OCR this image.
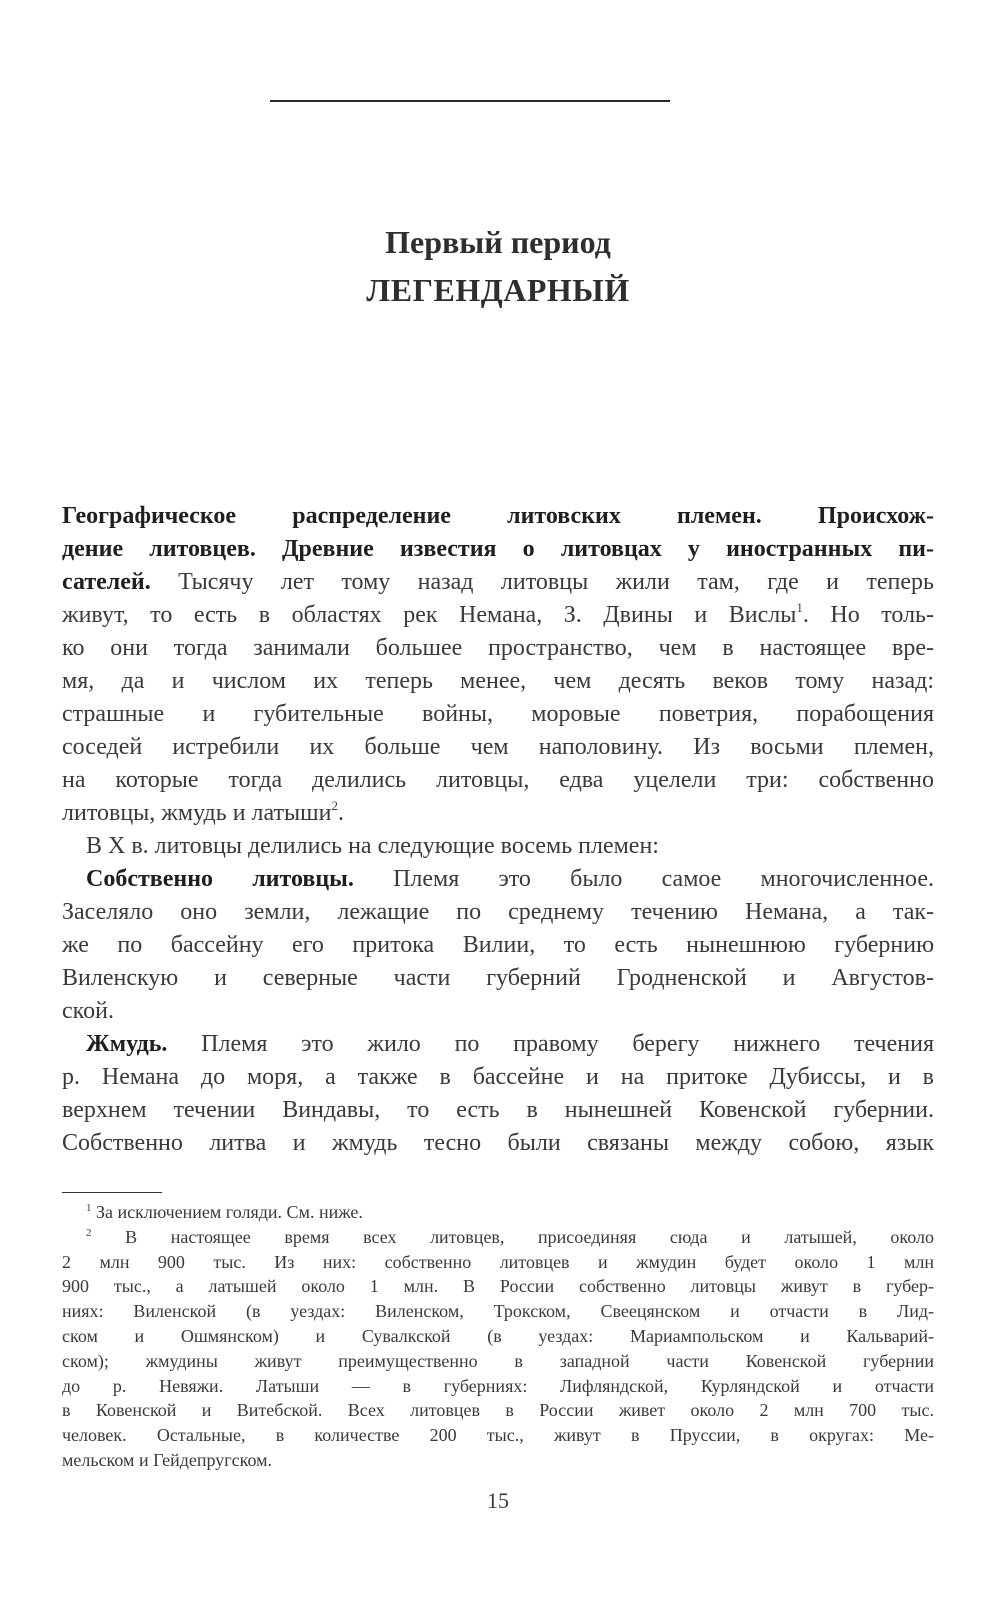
Первый период
ЛЕГЕНДАРНЫЙ
Географическое распределение литовских племен. Происхож-
дение литовцев. Древние известия о литовцах у иностранных пи-
сателей. Тысячу лет тому назад литовцы жили там, где и теперь
живут, то есть в областях рек Немана, З. Двины и Вислы$^1$. Но толь-
ко они тогда занимали большее пространство, чем в настоящее вре-
мя, да и числом их теперь менее, чем десять веков тому назад:
страшные и губительные войны, моровые поветрия, порабощения
соседей истребили их больше чем наполовину. Из восьми племен,
на которые тогда делились литовцы, едва уцелели три: собственно
литовцы, жмудь и латыши$^2$.
В X в. литовцы делились на следующие восемь племен:
Собственно литовцы. Племя это было самое многочисленное.
Заселяло оно земли, лежащие по среднему течению Немана, а так-
же по бассейну его притока Вилии, то есть нынешнюю губернию
Виленскую и северные части губерний Гродненской и Августов-
ской.
Жмудь. Племя это жило по правому берегу нижнего течения
р. Немана до моря, а также в бассейне и на притоке Дубиссы, и в
верхнем течении Виндавы, то есть в нынешней Ковенской губернии.
Собственно литва и жмудь тесно были связаны между собою, язык
$^1$ За исключением голяди. См. ниже.
$^2$ В настоящее время всех литовцев, присоединяя сюда и латышей, около
2 млн 900 тыс. Из них: собственно литовцев и жмудин будет около 1 млн
900 тыс., а латышей около 1 млн. В России собственно литовцы живут в губер-
ниях: Виленской (в уездах: Виленском, Трокском, Свеецянском и отчасти в Лид-
ском и Ошмянском) и Сувалкской (в уездах: Мариампольском и Кальварий-
ском); жмудины живут преимущественно в западной части Ковенской губернии
до р. Невяжи. Латыши — в губерниях: Лифляндской, Курляндской и отчасти
в Ковенской и Витебской. Всех литовцев в России живет около 2 млн 700 тыс.
человек. Остальные, в количестве 200 тыс., живут в Пруссии, в округах: Ме-
мельском и Гейдепругском.
15
